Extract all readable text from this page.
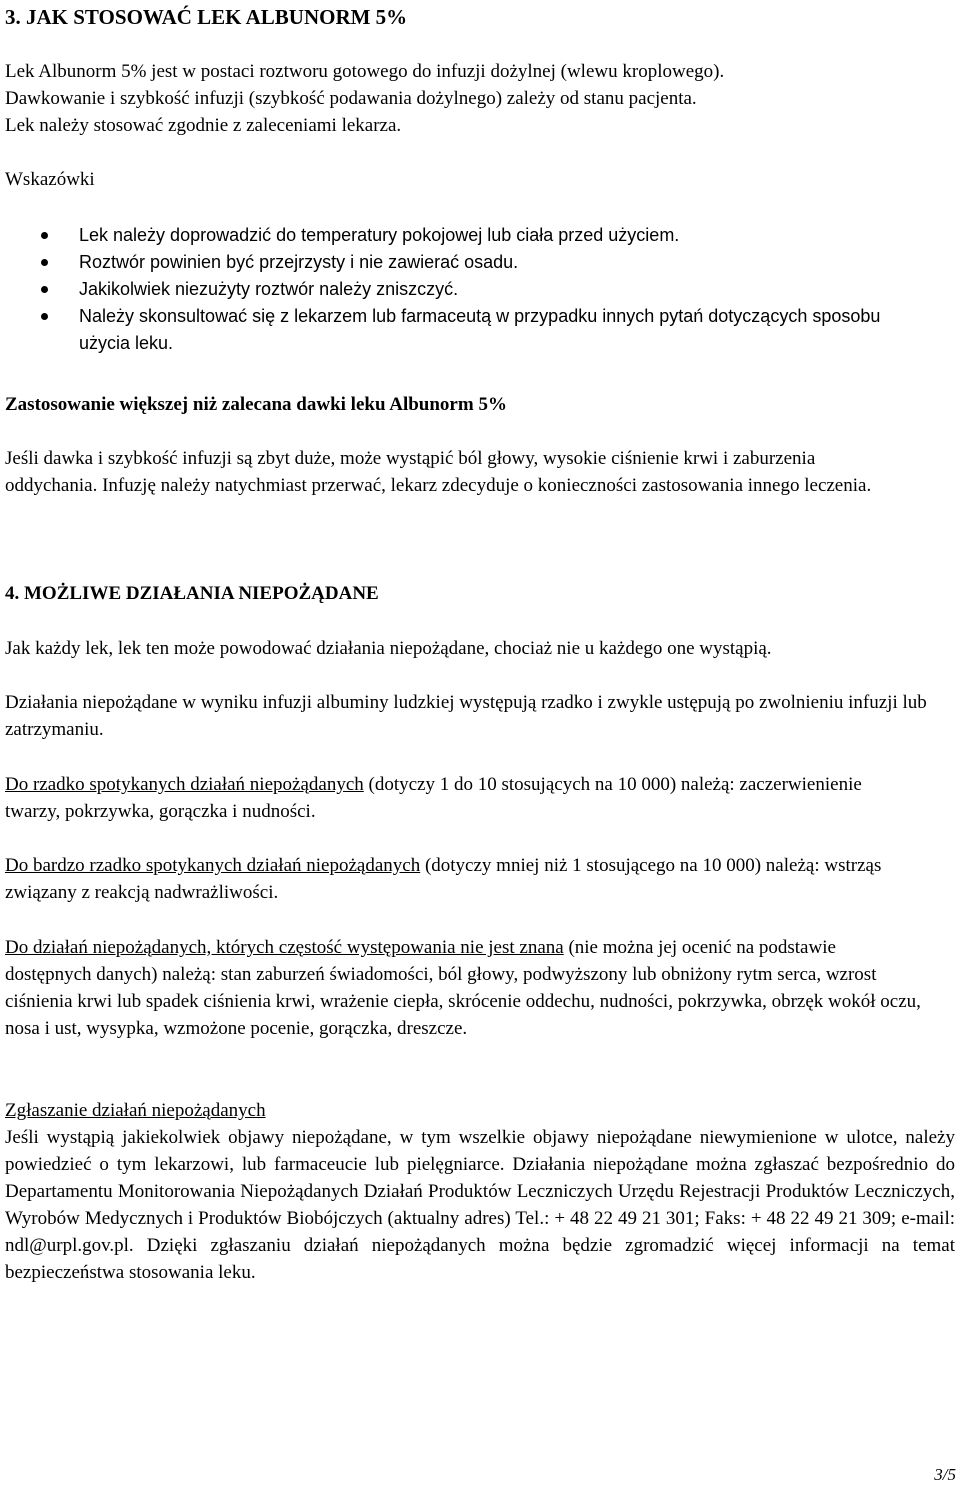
3. JAK STOSOWAĆ LEK ALBUNORM 5%

Lek Albunorm 5% jest w postaci roztworu gotowego do infuzji dożylnej (wlewu kroplowego).

Dawkowanie i szybkość infuzji (szybkość podawania dożylnego) zależy od stanu pacjenta.

Lek należy stosować zgodnie z zaleceniami lekarza.

Wskazówki

Lek należy doprowadzić do temperatury pokojowej lub ciała przed użyciem.
Roztwór powinien być przejrzysty i nie zawierać osadu.
Jakikolwiek niezużyty roztwór należy zniszczyć.
Należy skonsultować się z lekarzem lub farmaceutą w przypadku innych pytań dotyczących sposobu użycia leku.

Zastosowanie większej niż zalecana dawki leku Albunorm 5%

Jeśli dawka i szybkość infuzji są zbyt duże, może wystąpić ból głowy, wysokie ciśnienie krwi i zaburzenia oddychania. Infuzję należy natychmiast przerwać, lekarz zdecyduje o konieczności zastosowania innego leczenia.

4. MOŻLIWE DZIAŁANIA NIEPOŻĄDANE

Jak każdy lek, lek ten może powodować działania niepożądane, chociaż nie u każdego one wystąpią.

Działania niepożądane w wyniku infuzji albuminy ludzkiej występują rzadko i zwykle ustępują po zwolnieniu infuzji lub zatrzymaniu.

Do rzadko spotykanych działań niepożądanych (dotyczy 1 do 10 stosujących na 10 000) należą: zaczerwienienie twarzy, pokrzywka, gorączka i nudności.

Do bardzo rzadko spotykanych działań niepożądanych (dotyczy mniej niż 1 stosującego na 10 000) należą: wstrząs związany z reakcją nadwrażliwości.

Do działań niepożądanych, których częstość występowania nie jest znana (nie można jej ocenić na podstawie dostępnych danych) należą: stan zaburzeń świadomości, ból głowy, podwyższony lub obniżony rytm serca, wzrost ciśnienia krwi lub spadek ciśnienia krwi, wrażenie ciepła, skrócenie oddechu, nudności, pokrzywka, obrzęk wokół oczu, nosa i ust, wysypka, wzmożone pocenie, gorączka, dreszcze.

Zgłaszanie działań niepożądanych

Jeśli wystąpią jakiekolwiek objawy niepożądane, w tym wszelkie objawy niepożądane niewymienione w ulotce, należy powiedzieć o tym lekarzowi, lub farmaceucie lub pielęgniarce. Działania niepożądane można zgłaszać bezpośrednio do Departamentu Monitorowania Niepożądanych Działań Produktów Leczniczych Urzędu Rejestracji Produktów Leczniczych, Wyrobów Medycznych i Produktów Biobójczych (aktualny adres) Tel.: + 48 22 49 21 301; Faks: + 48 22 49 21 309; e-mail: ndl@urpl.gov.pl. Dzięki zgłaszaniu działań niepożądanych można będzie zgromadzić więcej informacji na temat bezpieczeństwa stosowania leku.

3/5
